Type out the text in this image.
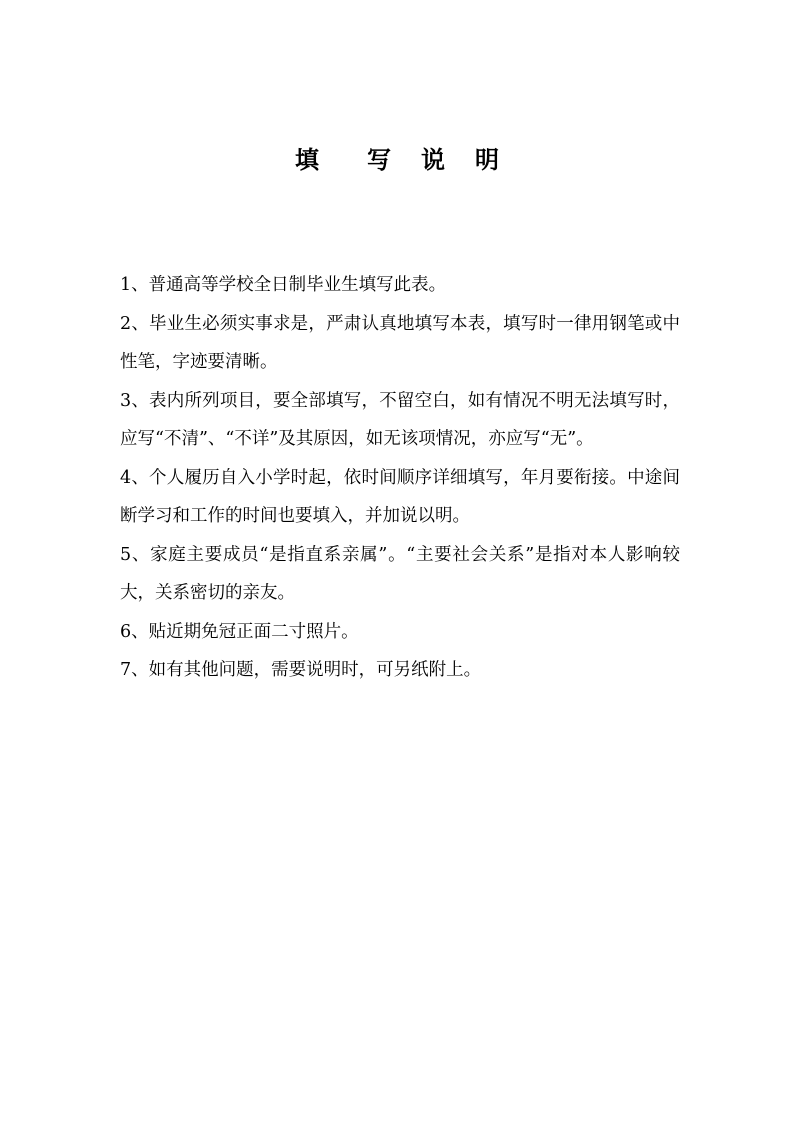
填 写 说 明

1、普通高等学校全日制毕业生填写此表。

2、毕业生必须实事求是，严肃认真地填写本表，填写时一律用钢笔或中性笔，字迹要清晰。

3、表内所列项目，要全部填写，不留空白，如有情况不明无法填写时，应写“不清”、“不详”及其原因，如无该项情况，亦应写“无”。

4、个人履历自入小学时起，依时间顺序详细填写，年月要衔接。中途间断学习和工作的时间也要填入，并加说以明。

5、家庭主要成员“是指直系亲属”。“主要社会关系”是指对本人影响较大，关系密切的亲友。

6、贴近期免冠正面二寸照片。

7、如有其他问题，需要说明时，可另纸附上。
